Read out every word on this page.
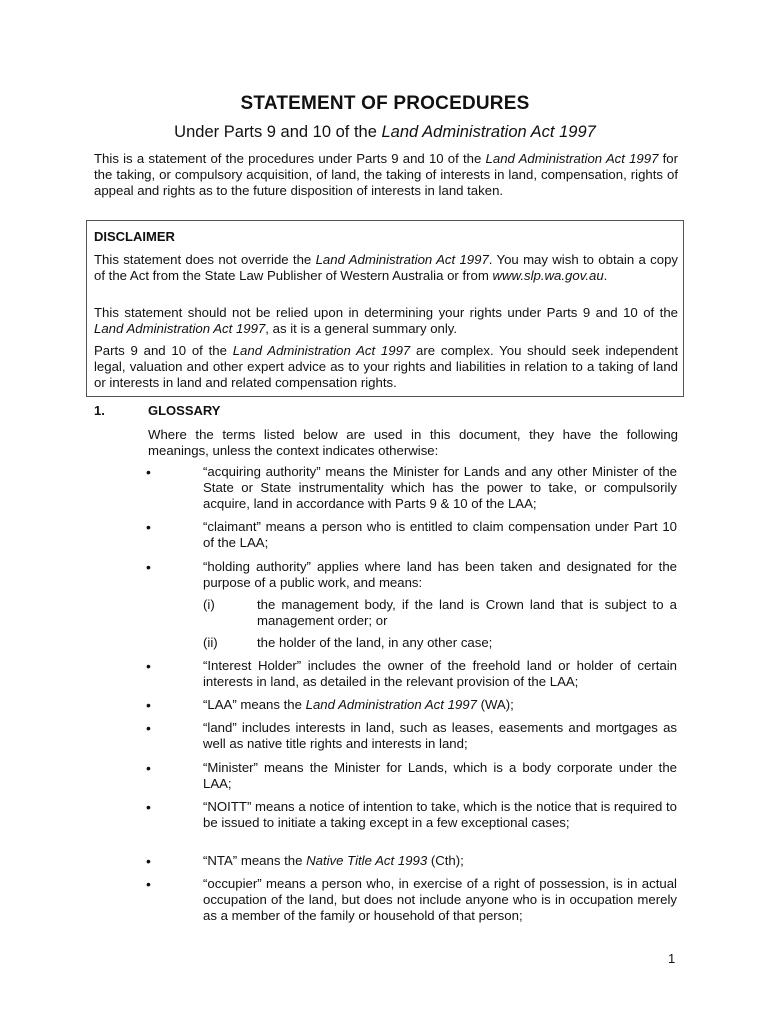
STATEMENT OF PROCEDURES
Under Parts 9 and 10 of the Land Administration Act 1997

This is a statement of the procedures under Parts 9 and 10 of the Land Administration Act 1997 for the taking, or compulsory acquisition, of land, the taking of interests in land, compensation, rights of appeal and rights as to the future disposition of interests in land taken.

DISCLAIMER

This statement does not override the Land Administration Act 1997. You may wish to obtain a copy of the Act from the State Law Publisher of Western Australia or from www.slp.wa.gov.au.

This statement should not be relied upon in determining your rights under Parts 9 and 10 of the Land Administration Act 1997, as it is a general summary only.

Parts 9 and 10 of the Land Administration Act 1997 are complex. You should seek independent legal, valuation and other expert advice as to your rights and liabilities in relation to a taking of land or interests in land and related compensation rights.

1.	GLOSSARY

Where the terms listed below are used in this document, they have the following meanings, unless the context indicates otherwise:

•	“acquiring authority” means the Minister for Lands and any other Minister of the State or State instrumentality which has the power to take, or compulsorily acquire, land in accordance with Parts 9 & 10 of the LAA;

•	“claimant” means a person who is entitled to claim compensation under Part 10 of the LAA;

•	“holding authority” applies where land has been taken and designated for the purpose of a public work, and means:

(i)	the management body, if the land is Crown land that is subject to a management order; or

(ii)	the holder of the land, in any other case;

•	“Interest Holder” includes the owner of the freehold land or holder of certain interests in land, as detailed in the relevant provision of the LAA;

•	“LAA” means the Land Administration Act 1997 (WA);

•	“land” includes interests in land, such as leases, easements and mortgages as well as native title rights and interests in land;

•	“Minister” means the Minister for Lands, which is a body corporate under the LAA;

•	“NOITT” means a notice of intention to take, which is the notice that is required to be issued to initiate a taking except in a few exceptional cases;

•	“NTA” means the Native Title Act 1993 (Cth);

•	“occupier” means a person who, in exercise of a right of possession, is in actual occupation of the land, but does not include anyone who is in occupation merely as a member of the family or household of that person;

1
